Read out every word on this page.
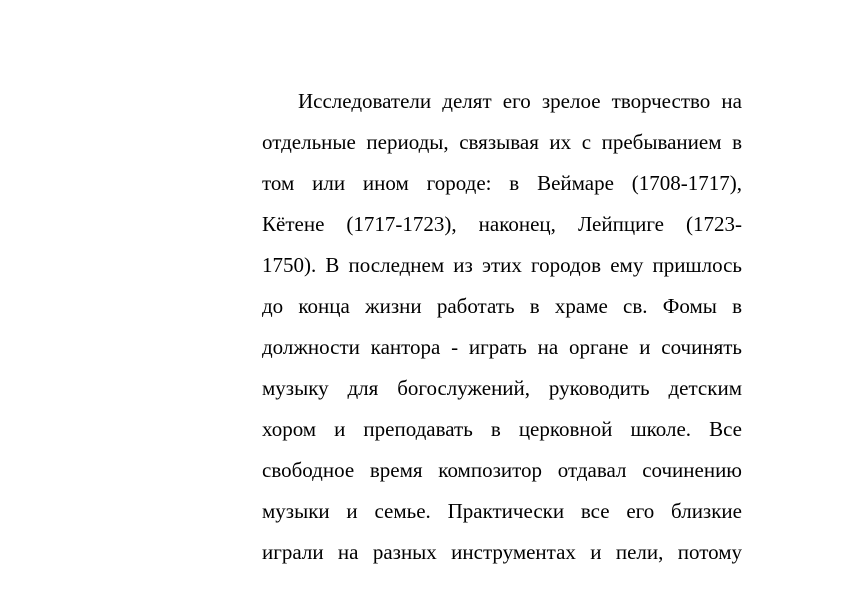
Исследователи делят его зрелое творчество на
отдельные периоды, связывая их с пребыванием в
том или ином городе: в Веймаре (1708-1717),
Кётене (1717-1723), наконец, Лейпциге (1723-
1750). В последнем из этих городов ему пришлось
до конца жизни работать в храме св. Фомы в
должности кантора - играть на органе и сочинять
музыку для богослужений, руководить детским
хором и преподавать в церковной школе. Все
свободное время композитор отдавал сочинению
музыки и семье. Практически все его близкие
играли на разных инструментах и пели, потому
